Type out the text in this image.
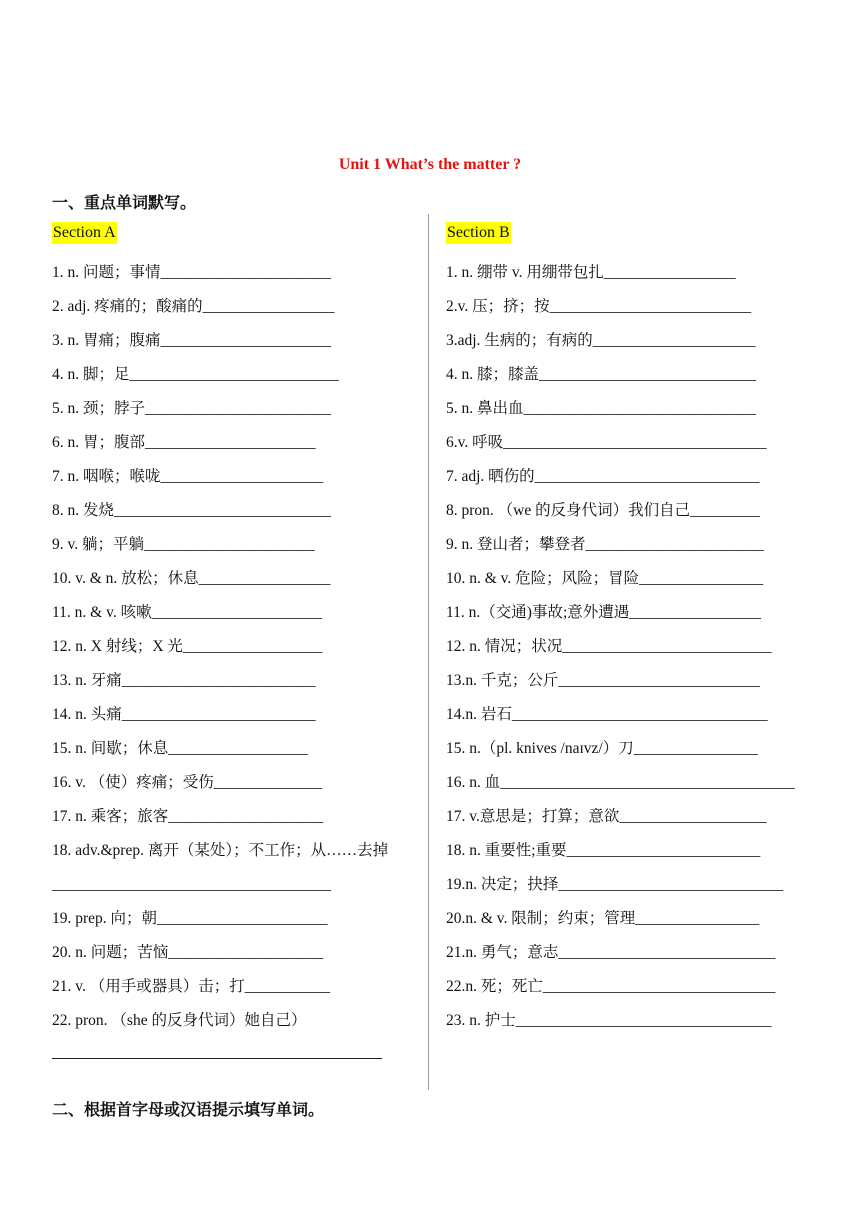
Unit 1 What’s the matter ?
一、重点单词默写。
Section A
1. n. 问题；事情______________________
2. adj. 疼痛的；酸痛的_________________
3. n. 胃痛；腹痛______________________
4. n. 脚；足___________________________
5. n. 颈；脖子________________________
6. n. 胃；腹部______________________
7. n. 咽喉；喉咙_____________________
8. n. 发烧____________________________
9. v. 躺；平躺______________________
10. v. & n. 放松；休息_________________
11. n. & v. 咳嗽______________________
12. n. X 射线；X 光__________________
13. n. 牙痛_________________________
14. n. 头痛_________________________
15. n. 间歇；休息__________________
16. v. （使）疼痛；受伤______________
17. n. 乘客；旅客____________________
18. adv.&prep. 离开（某处）；不工作；从……去掉____________________________________
19. prep. 向；朝______________________
20. n. 问题；苦恼____________________
21. v. （用手或器具）击；打___________
22. pron. （she 的反身代词）她自己）
Section B
1. n. 绷带 v. 用绷带包扎_________________
2.v. 压；挤；按__________________________
3.adj. 生病的；有病的_____________________
4. n. 膝；膝盖____________________________
5. n. 鼻出血______________________________
6.v. 呼吸__________________________________
7. adj. 晒伤的_____________________________
8. pron. （we 的反身代词）我们自己_________
9. n. 登山者；攀登者_______________________
10. n. & v. 危险；风险；冒险________________
11. n.（交通)事故;意外遭遇_________________
12. n. 情况；状况___________________________
13.n. 千克；公斤__________________________
14.n. 岩石_________________________________
15. n.（pl. knives /naɪvz/）刀________________
16. n. 血______________________________________
17. v.意思是；打算；意欲___________________
18. n. 重要性;重要_________________________
19.n. 决定；抉择_____________________________
20.n. & v. 限制；约束；管理________________
21.n. 勇气；意志____________________________
22.n. 死；死亡______________________________
23. n. 护士_________________________________
二、根据首字母或汉语提示填写单词。
